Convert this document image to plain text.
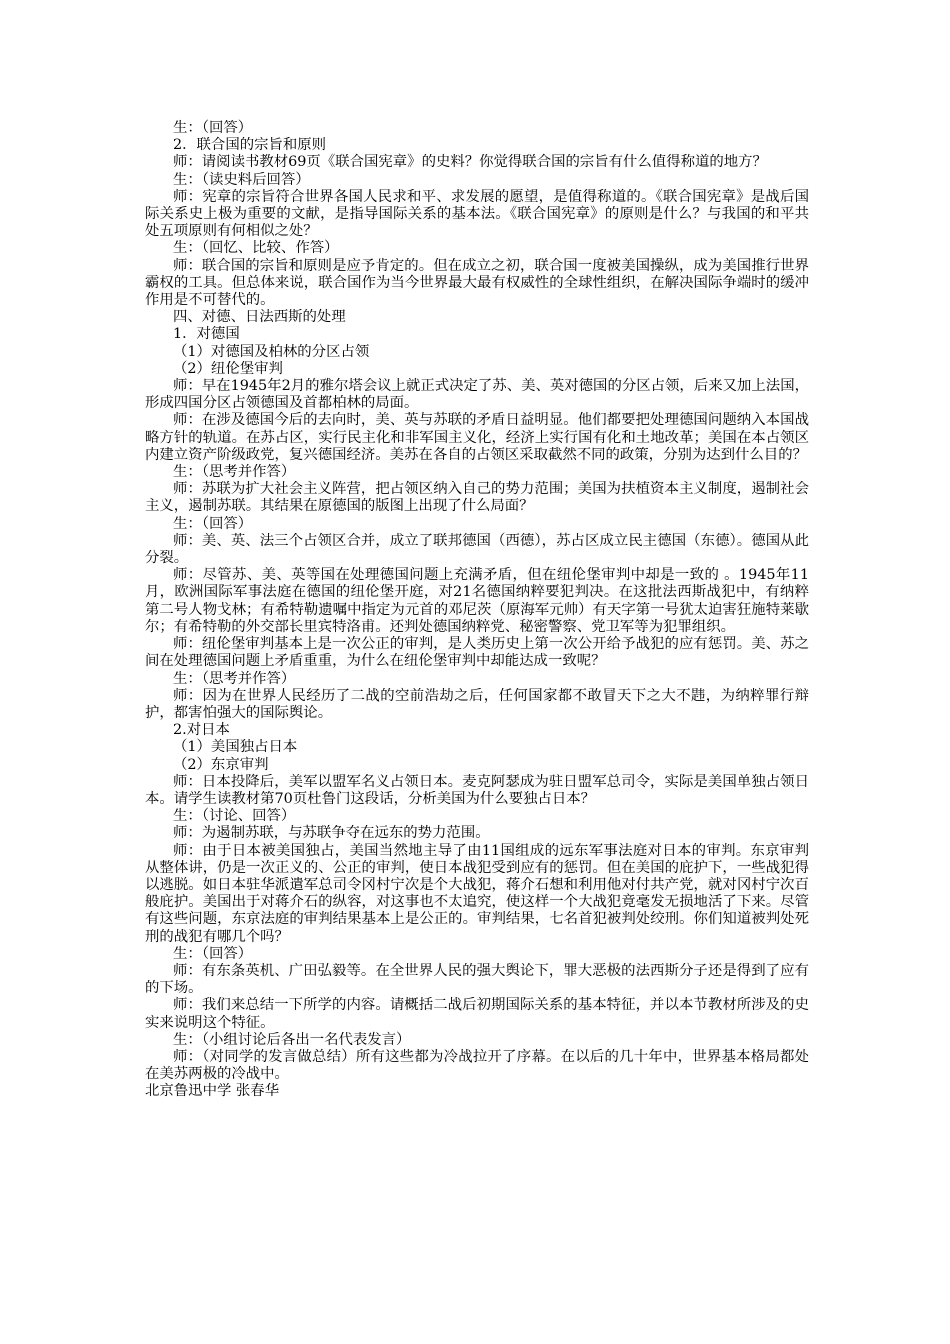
生：（回答）

2．联合国的宗旨和原则

师：请阅读书教材69页《联合国宪章》的史料？你觉得联合国的宗旨有什么值得称道的地方？

生：（读史料后回答）

师：宪章的宗旨符合世界各国人民求和平、求发展的愿望，是值得称道的。《联合国宪章》是战后国际关系史上极为重要的文献，是指导国际关系的基本法。《联合国宪章》的原则是什么？与我国的和平共处五项原则有何相似之处？

生：（回忆、比较、作答）

师：联合国的宗旨和原则是应予肯定的。但在成立之初，联合国一度被美国操纵，成为美国推行世界霸权的工具。但总体来说，联合国作为当今世界最大最有权威性的全球性组织，在解决国际争端时的缓冲作用是不可替代的。

四、对德、日法西斯的处理

1．对德国

（1）对德国及柏林的分区占领

（2）纽伦堡审判

师：早在1945年2月的雅尔塔会议上就正式决定了苏、美、英对德国的分区占领，后来又加上法国，形成四国分区占领德国及首都柏林的局面。

师：在涉及德国今后的去向时，美、英与苏联的矛盾日益明显。他们都要把处理德国问题纳入本国战略方针的轨道。在苏占区，实行民主化和非军国主义化，经济上实行国有化和土地改革；美国在本占领区内建立资产阶级政党，复兴德国经济。美苏在各自的占领区采取截然不同的政策，分别为达到什么目的？

生：（思考并作答）

师：苏联为扩大社会主义阵营，把占领区纳入自己的势力范围；美国为扶植资本主义制度，遏制社会主义，遏制苏联。其结果在原德国的版图上出现了什么局面？

生：（回答）

师：美、英、法三个占领区合并，成立了联邦德国（西德），苏占区成立民主德国（东德）。德国从此分裂。

师：尽管苏、美、英等国在处理德国问题上充满矛盾，但在纽伦堡审判中却是一致的 。1945年11月，欧洲国际军事法庭在德国的纽伦堡开庭，对21名德国纳粹要犯判决。在这批法西斯战犯中，有纳粹第二号人物戈林；有希特勒遗嘱中指定为元首的邓尼茨（原海军元帅）有天字第一号犹太迫害狂施特莱歇尔；有希特勒的外交部长里宾特洛甫。还判处德国纳粹党、秘密警察、党卫军等为犯罪组织。

师：纽伦堡审判基本上是一次公正的审判，是人类历史上第一次公开给予战犯的应有惩罚。美、苏之间在处理德国问题上矛盾重重，为什么在纽伦堡审判中却能达成一致呢？

生：（思考并作答）

师：因为在世界人民经历了二战的空前浩劫之后，任何国家都不敢冒天下之大不韪，为纳粹罪行辩护，都害怕强大的国际舆论。

2.对日本

（1）美国独占日本

（2）东京审判

师：日本投降后，美军以盟军名义占领日本。麦克阿瑟成为驻日盟军总司令，实际是美国单独占领日本。请学生读教材第70页杜鲁门这段话，分析美国为什么要独占日本？

生：（讨论、回答）

师：为遏制苏联，与苏联争夺在远东的势力范围。

师：由于日本被美国独占，美国当然地主导了由11国组成的远东军事法庭对日本的审判。东京审判从整体讲，仍是一次正义的、公正的审判，使日本战犯受到应有的惩罚。但在美国的庇护下，一些战犯得以逃脱。如日本驻华派遣军总司令冈村宁次是个大战犯，蒋介石想和利用他对付共产党，就对冈村宁次百般庇护。美国出于对蒋介石的纵容，对这事也不太追究，使这样一个大战犯竟毫发无损地活了下来。尽管有这些问题，东京法庭的审判结果基本上是公正的。审判结果，七名首犯被判处绞刑。你们知道被判处死刑的战犯有哪几个吗？

生：（回答）

师：有东条英机、广田弘毅等。在全世界人民的强大舆论下，罪大恶极的法西斯分子还是得到了应有的下场。

师：我们来总结一下所学的内容。请概括二战后初期国际关系的基本特征，并以本节教材所涉及的史实来说明这个特征。

生：（小组讨论后各出一名代表发言）

师：（对同学的发言做总结）所有这些都为冷战拉开了序幕。在以后的几十年中，世界基本格局都处在美苏两极的冷战中。

北京鲁迅中学 张春华
